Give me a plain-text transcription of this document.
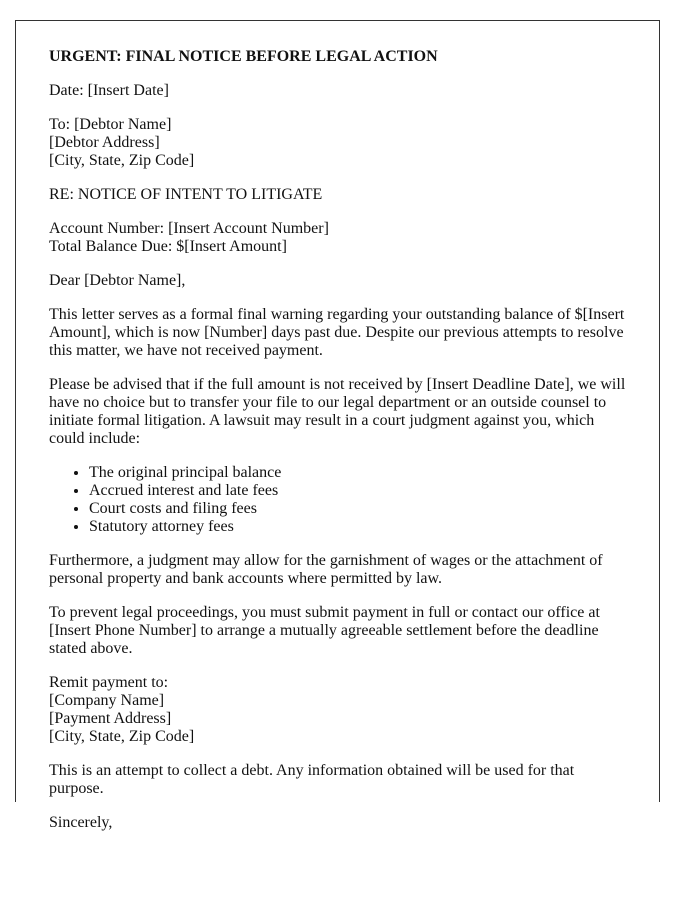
URGENT: FINAL NOTICE BEFORE LEGAL ACTION

Date: [Insert Date]

To: [Debtor Name]
[Debtor Address]
[City, State, Zip Code]

RE: NOTICE OF INTENT TO LITIGATE

Account Number: [Insert Account Number]
Total Balance Due: $[Insert Amount]

Dear [Debtor Name],

This letter serves as a formal final warning regarding your outstanding balance of $[Insert Amount], which is now [Number] days past due. Despite our previous attempts to resolve this matter, we have not received payment.

Please be advised that if the full amount is not received by [Insert Deadline Date], we will have no choice but to transfer your file to our legal department or an outside counsel to initiate formal litigation. A lawsuit may result in a court judgment against you, which could include:

• The original principal balance
• Accrued interest and late fees
• Court costs and filing fees
• Statutory attorney fees

Furthermore, a judgment may allow for the garnishment of wages or the attachment of personal property and bank accounts where permitted by law.

To prevent legal proceedings, you must submit payment in full or contact our office at [Insert Phone Number] to arrange a mutually agreeable settlement before the deadline stated above.

Remit payment to:
[Company Name]
[Payment Address]
[City, State, Zip Code]

This is an attempt to collect a debt. Any information obtained will be used for that purpose.

Sincerely,
